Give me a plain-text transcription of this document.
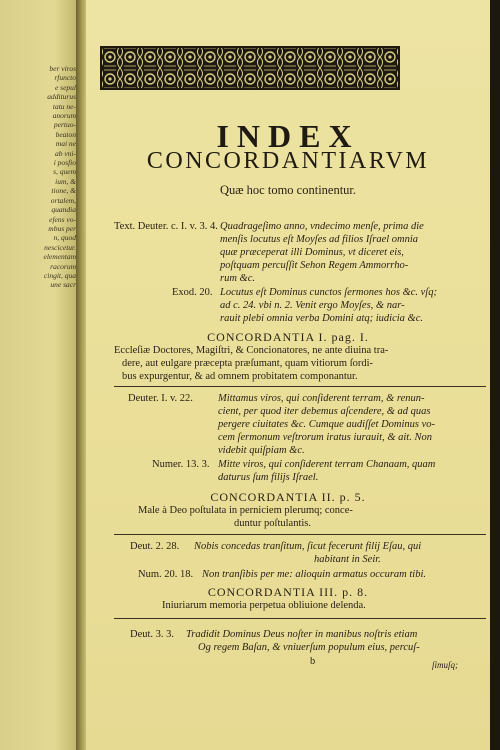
ber viros
rfuncto
e sepul
additurus
tatu ne-
anorum
pertuo-
beaton
mai ne
ab vni-
i posfio
s, quem
ium, &
tione, &
ortalem,
quandia
efens vo-
mbus per
n, quod
nescicetur.
elementam
racorum
cingit, qua
une sacr
INDEX
CONCORDANTIARVM
Quæ hoc tomo continentur.
Text. Deuter. c. I. v. 3. 4. Quadrageſimo anno, vndecimo menſe, prima die
menſis locutus eſt Moyſes ad filios Iſrael omnia
quæ præceperat illi Dominus, vt diceret eis,
poſtquam percuſſit Sehon Regem Ammorrho-
rum &c.
Exod. 20. Locutus eſt Dominus cunctos ſermones hos &c. vſq;
ad c. 24. vbi n. 2. Venit ergo Moyſes, & nar-
rauit plebi omnia verba Domini atq; iudicia &c.
CONCORDANTIA I. pag. I.
Eccleſiæ Doctores, Magiſtri, & Concionatores, ne ante diuina tra-
dere, aut eulgare præcepta præſumant, quam vitiorum ſordi-
bus expurgentur, & ad omnem probitatem componantur.
Deuter. I. v. 22. Mittamus viros, qui conſiderent terram, & renun-
cient, per quod iter debemus aſcendere, & ad quas
pergere ciuitates &c. Cumque audiſſet Dominus vo-
cem ſermonum veſtrorum iratus iurauit, & ait. Non
videbit quiſpiam &c.
Numer. 13. 3. Mitte viros, qui conſiderent terram Chanaam, quam
daturus ſum filijs Iſrael.
CONCORDANTIA II. p. 5.
Male à Deo poſtulata in perniciem plerumq; conce-
duntur poſtulantis.
Deut. 2. 28. Nobis concedas tranſitum, ſicut fecerunt filij Eſau, qui
habitant in Seir.
Num. 20. 18. Non tranſibis per me: alioquin armatus occuram tibi.
CONCORDANTIA III. p. 8.
Iniuriarum memoria perpetua obliuione delenda.
Deut. 3. 3. Tradidit Dominus Deus noſter in manibus noſtris etiam
Og regem Baſan, & vniuerſum populum eius, percuſ-
b	ſimuſq;
